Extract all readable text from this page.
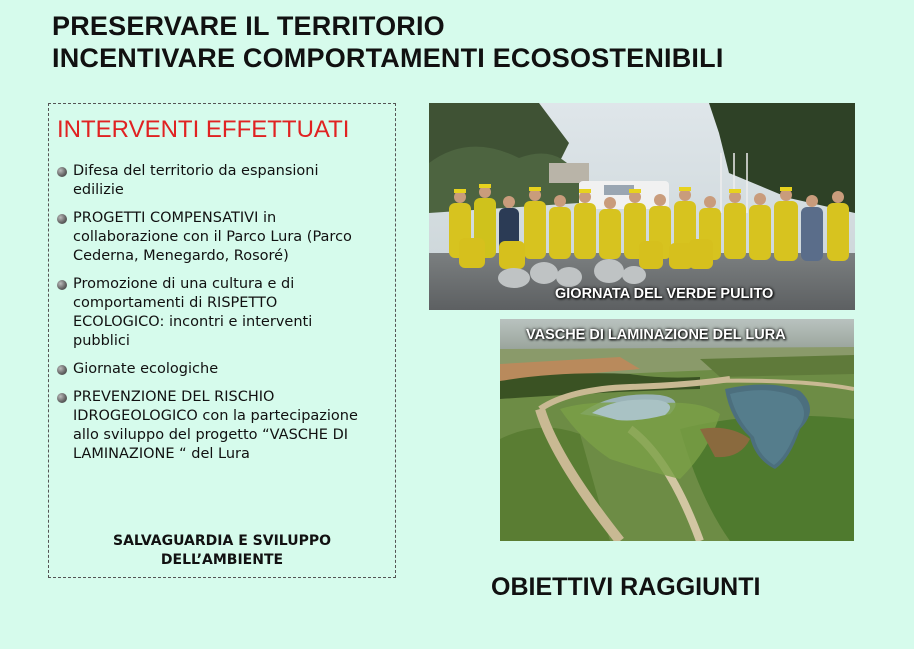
PRESERVARE IL TERRITORIO
INCENTIVARE COMPORTAMENTI ECOSOSTENIBILI
INTERVENTI EFFETTUATI
Difesa del territorio da espansioni edilizie
PROGETTI COMPENSATIVI in collaborazione con il Parco Lura (Parco Cederna, Menegardo, Rosoré)
Promozione di una cultura e di comportamenti di RISPETTO ECOLOGICO: incontri e interventi pubblici
Giornate ecologiche
PREVENZIONE DEL RISCHIO IDROGEOLOGICO con la partecipazione allo sviluppo del progetto “VASCHE DI LAMINAZIONE “ del Lura
SALVAGUARDIA E SVILUPPO
DELL’AMBIENTE
GIORNATA DEL VERDE PULITO
VASCHE DI LAMINAZIONE DEL LURA
OBIETTIVI RAGGIUNTI
